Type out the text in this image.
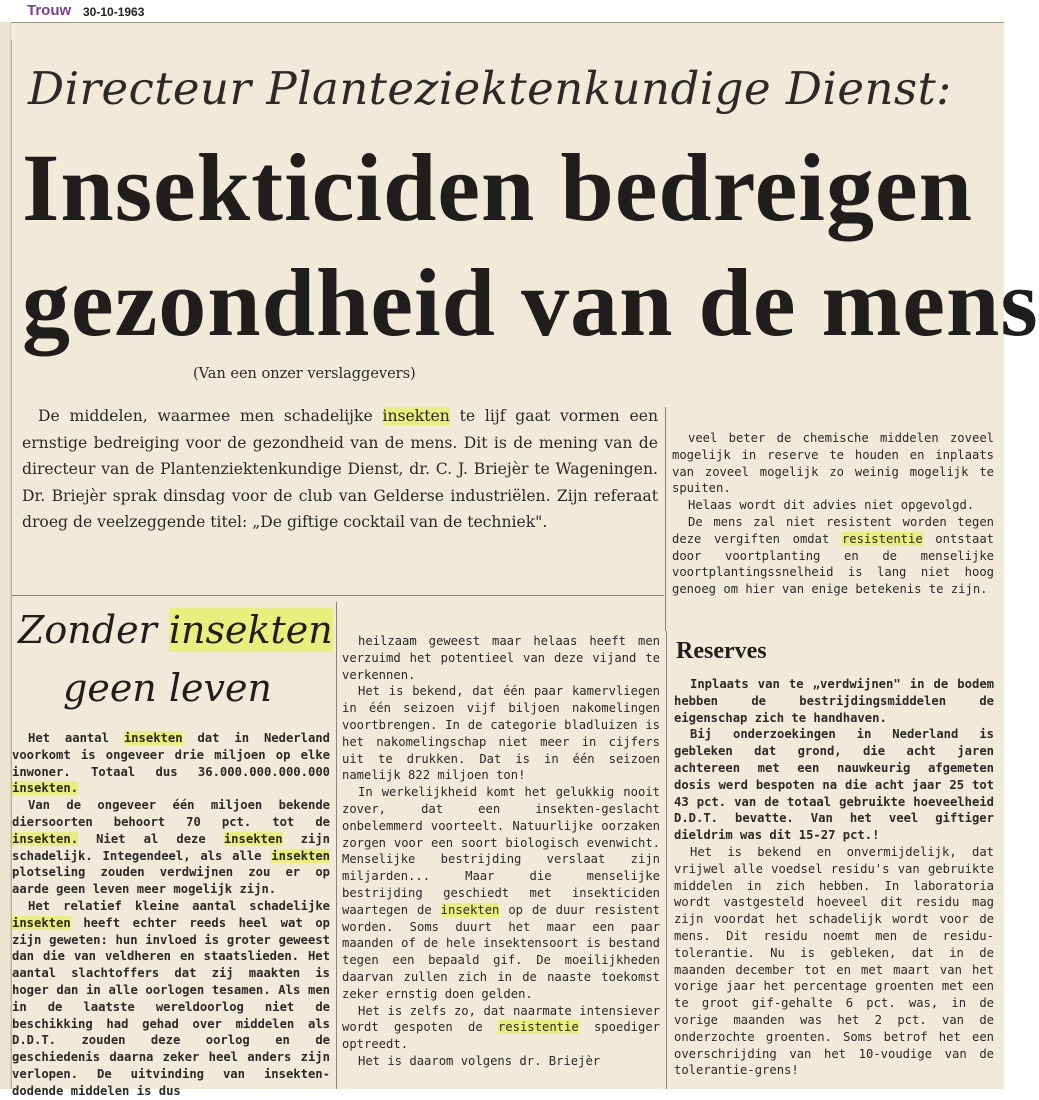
Trouw 30-10-1963
Directeur Planteziektenkundige Dienst:
Insekticiden bedreigen
gezondheid van de mens
(Van een onzer verslaggevers)

De middelen, waarmee men schadelijke insekten te lijf gaat vormen een ernstige bedreiging voor de gezondheid van de mens. Dit is de mening van de directeur van de Plantenziektenkundige Dienst, dr. C. J. Briejèr te Wageningen. Dr. Briejèr sprak dinsdag voor de club van Gelderse industriëlen. Zijn referaat droeg de veelzeggende titel: „De giftige cocktail van de techniek".

Zonder insekten
geen leven

Het aantal insekten dat in Nederland voorkomt is ongeveer drie miljoen op elke inwoner. Totaal dus 36.000.000.000.000 insekten.

Van de ongeveer één miljoen bekende diersoorten behoort 70 pct. tot de insekten. Niet al deze insekten zijn schadelijk. Integendeel, als alle insekten plotseling zouden verdwijnen zou er op aarde geen leven meer mogelijk zijn.

Het relatief kleine aantal schadelijke insekten heeft echter reeds heel wat op zijn geweten: hun invloed is groter geweest dan die van veldheren en staatslieden. Het aantal slachtoffers dat zij maakten is hoger dan in alle oorlogen tesamen. Als men in de laatste wereldoorlog niet de beschikking had gehad over middelen als D.D.T. zouden deze oorlog en de geschiedenis daarna zeker heel anders zijn verlopen. De uitvinding van insekten-dodende middelen is dus

heilzaam geweest maar helaas heeft men verzuimd het potentieel van deze vijand te verkennen.

Het is bekend, dat één paar kamervliegen in één seizoen vijf biljoen nakomelingen voortbrengen. In de categorie bladluizen is het nakomelingschap niet meer in cijfers uit te drukken. Dat is in één seizoen namelijk 822 miljoen ton!

In werkelijkheid komt het gelukkig nooit zover, dat een insekten-geslacht onbelemmerd voorteelt. Natuurlijke oorzaken zorgen voor een soort biologisch evenwicht. Menselijke bestrijding verslaat zijn miljarden... Maar die menselijke bestrijding geschiedt met insekticiden waartegen de insekten op de duur resistent worden. Soms duurt het maar een paar maanden of de hele insektensoort is bestand tegen een bepaald gif. De moeilijkheden daarvan zullen zich in de naaste toekomst zeker ernstig doen gelden.

Het is zelfs zo, dat naarmate intensiever wordt gespoten de resistentie spoediger optreedt.

Het is daarom volgens dr. Briejèr

veel beter de chemische middelen zoveel mogelijk in reserve te houden en inplaats van zoveel mogelijk zo weinig mogelijk te spuiten.

Helaas wordt dit advies niet opgevolgd.

De mens zal niet resistent worden tegen deze vergiften omdat resistentie ontstaat door voortplanting en de menselijke voortplantingssnelheid is lang niet hoog genoeg om hier van enige betekenis te zijn.

Reserves

Inplaats van te „verdwijnen" in de bodem hebben de bestrijdingsmiddelen de eigenschap zich te handhaven.

Bij onderzoekingen in Nederland is gebleken dat grond, die acht jaren achtereen met een nauwkeurig afgemeten dosis werd bespoten na die acht jaar 25 tot 43 pct. van de totaal gebruikte hoeveelheid D.D.T. bevatte. Van het veel giftiger dieldrim was dit 15-27 pct.!

Het is bekend en onvermijdelijk, dat vrijwel alle voedsel residu's van gebruikte middelen in zich hebben. In laboratoria wordt vastgesteld hoeveel dit residu mag zijn voordat het schadelijk wordt voor de mens. Dit residu noemt men de residu-tolerantie. Nu is gebleken, dat in de maanden december tot en met maart van het vorige jaar het percentage groenten met een te groot gif-gehalte 6 pct. was, in de vorige maanden was het 2 pct. van de onderzochte groenten. Soms betrof het een overschrijding van het 10-voudige van de tolerantie-grens!
